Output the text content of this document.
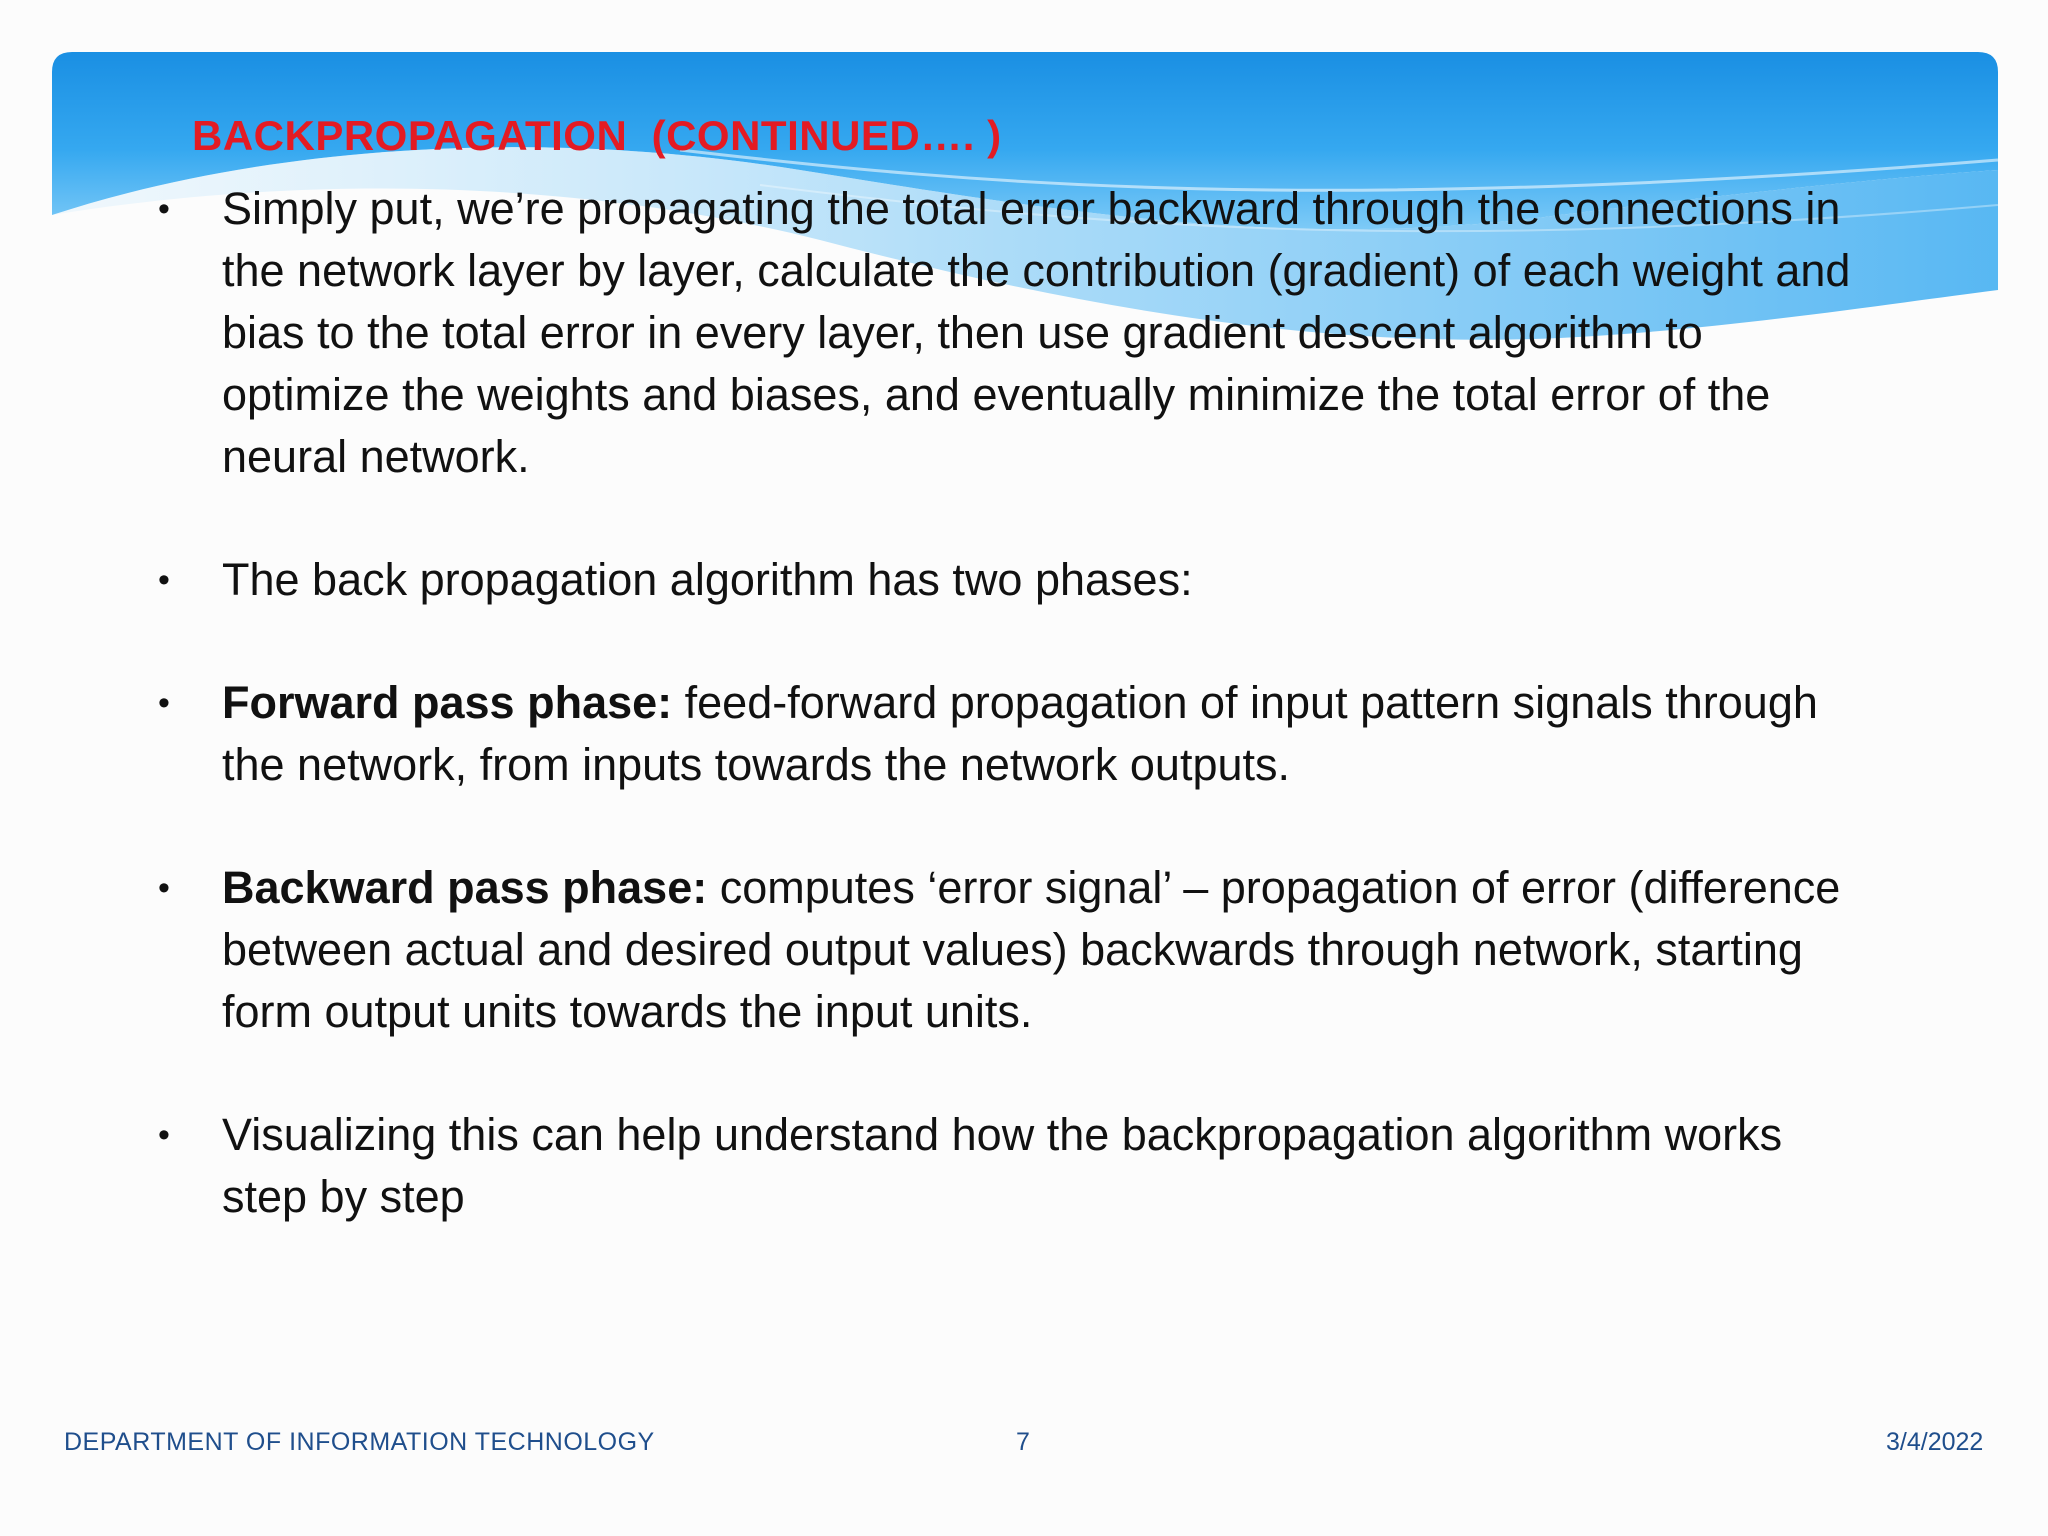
BACKPROPAGATION  (CONTINUED…. )
• Simply put, we’re propagating the total error backward through the connections in the network layer by layer, calculate the contribution (gradient) of each weight and bias to the total error in every layer, then use gradient descent algorithm to optimize the weights and biases, and eventually minimize the total error of the neural network.
• The back propagation algorithm has two phases:
• Forward pass phase: feed-forward propagation of input pattern signals through the network, from inputs towards the network outputs.
• Backward pass phase: computes ‘error signal’ – propagation of error (difference between actual and desired output values) backwards through network, starting form output units towards the input units.
• Visualizing this can help understand how the backpropagation algorithm works step by step
DEPARTMENT OF INFORMATION TECHNOLOGY	7	3/4/2022
